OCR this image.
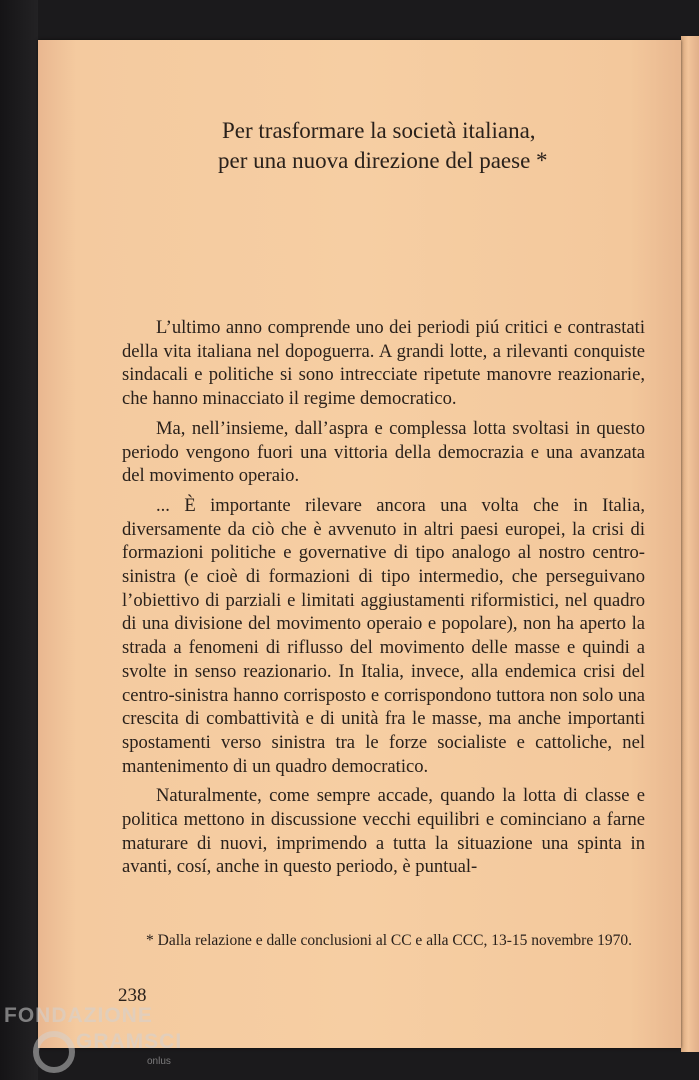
Per trasformare la società italiana,
per una nuova direzione del paese *

L’ultimo anno comprende uno dei periodi piú critici e contrastati della vita italiana nel dopoguerra. A grandi lotte, a rilevanti conquiste sindacali e politiche si sono intrecciate ripetute manovre reazionarie, che hanno minacciato il regime democratico.

Ma, nell’insieme, dall’aspra e complessa lotta svoltasi in questo periodo vengono fuori una vittoria della democrazia e una avanzata del movimento operaio.

... È importante rilevare ancora una volta che in Italia, diversamente da ciò che è avvenuto in altri paesi europei, la crisi di formazioni politiche e governative di tipo analogo al nostro centro-sinistra (e cioè di formazioni di tipo intermedio, che perseguivano l’obiettivo di parziali e limitati aggiustamenti riformistici, nel quadro di una divisione del movimento operaio e popolare), non ha aperto la strada a fenomeni di riflusso del movimento delle masse e quindi a svolte in senso reazionario. In Italia, invece, alla endemica crisi del centro-sinistra hanno corrisposto e corrispondono tuttora non solo una crescita di combattività e di unità fra le masse, ma anche importanti spostamenti verso sinistra tra le forze socialiste e cattoliche, nel mantenimento di un quadro democratico.

Naturalmente, come sempre accade, quando la lotta di classe e politica mettono in discussione vecchi equilibri e cominciano a farne maturare di nuovi, imprimendo a tutta la situazione una spinta in avanti, cosí, anche in questo periodo, è puntual-

* Dalla relazione e dalle conclusioni al CC e alla CCC, 13-15 novembre 1970.
238
FONDAZIONE
GRAMSCI
onlus
